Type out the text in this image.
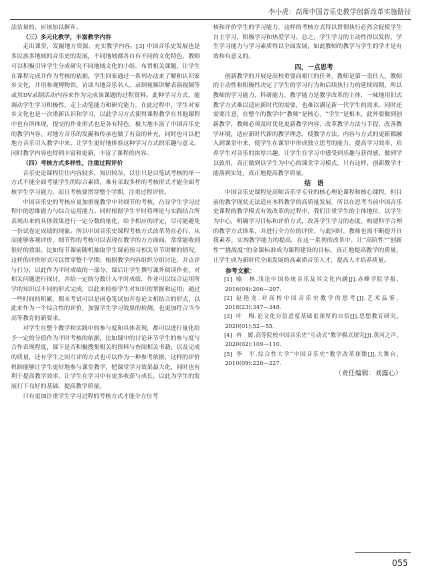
李小虎：高师中国音乐史教学创新改革实施路径

法估量的，应该加以摒弃。

（三）多元化教学，丰富教学内容

走出课堂，发掘地方资源，充实教学内容。[3] 中国音乐史发展也是多民族多地域的音乐史的发展，不同地域都各自有不同的文化特色，教师可以积极引导学生分成研究不同地域文化的小组，布置相关课题，让学生在课程完成并作为考核的依据，学生回家通过一系列办法来了解和认识家乡文化，并用参观博物馆、访谈当地音乐名人、录制视频讲解表演视频等或用DV录制活动内容来作为完成该课题的过程资料。此种学习方式，能调动学生学习积极性，走上动笔能力和研究能力，在此过程中，学生对家乡文化也是一次重新认识和学习，以此学习方式使得课程教学在其他课程中也有所体现，提交的作业形式也是各有特色，极大地丰富了中国音乐史的教学内容，对地方音乐的发掘和传承也做了有益的补充，同时也可以把地方音乐引入教学中来，让学生更好地体验这种学习方式的乐趣与意义，同时教学内容也得到丰富和更新，丰富了课程的内容。

（四）考核方式多样性，注重过程评价

音乐史论课程往往内容较多，知识较杂，以往只是以笔试考核的单一方式不能全面考量学生的综合素质，难有采取多样的考核形式才能全面考核学生学习能力，而且考核要贯穿整个学期，注重过程评价。

中国音乐史的考核应更加重视教学中对细节的考核，凸显学生学习过程中的思维能力与综合运用能力。同时根据学生平时将理论与实践结合所表现出来的具体效果进行一定分数的量化，给予相应的评定，尽可能避免一份试卷定成绩的现象。所以中国音乐史课程考核方式改革势在必行，从而能够客观评价，细节性的考核可以表现在教学的方方面面，常常能收到很好的效果。比如每节课前随机抽取学生课前预习相关章节讲解的情况，这样的评价形式可以贯穿整个学期；根据教学内容组织分组讨论，并点评与打分，以此作为平时成绩的一部分，课后让学生撰写课外阅读作业，对相关问题进行探讨，并给一定的分数计入平时成绩，作业可以综合运用所学的知识以不同的形式完成，以此来检验学生对知识的掌握和运用；通过一些时间的积累，期末考试可以是闭卷笔试加开卷论文相结合的形式，以此来作为一个综合性的评价，加强学生学习效果的检测，也更加符合当今高等教育的新要求。

对学生在整个教学和实践中的参与度和具体表现，都可以进行量化给予一定的分值作为平时考核的依据，比如课中的讨论环节学生的参与度与合作表现程度，课下是否积极搜集相关的资料与查阅相关书籍，以及完成的质量，还有学生之间互评的方式也可以作为一种参考依据，这样的评价机制能够让学生更好地参与课堂教学，把课堂学习效果最大化，同时也有利于提高教学效率，让学生在学习中有更多收获与成长，以此为学生的发展打下良好的基础，提高教学质量。

只有更加注重学生学习过程的考核方式才能全方位考

核和评价学生的学习能力，这样的考核方式得以贯彻执行必然会促使学生自主学习，积极学习和热爱学习。总之，学生学习的主动性得以发挥，学生学习能力与学习素质得以全面发展，如此教师的教学与学生的学才是有效和有意义的。

四、一点思考

创新教学的开展是高校重要而艰巨的任务，教师是第一责任人，教师的主动性和积极性决定了学生的学习行为和后续执行力的延续周期，所以教师的学习能力、科研能力、教学能力是教学改革的主体，一味地用旧式教学方式难以适应新时代的需要，也难以满足新一代学生的需求。同时还需要注意，在整个的教学中“教师”是核心，“学生”是根本，此外要做到创新教学，教师必须及时优化更新教学内容，改革教学方法与手段，改善教学环境，适应新时代新的教学理念，使教学方法、内容与方式的更新都融入到课堂中来，使学生在课堂中形成独立思考的能力，提高学习效率，培养学生对音乐的浓厚兴趣，让学生在学习中感受到乐趣与获得感，做到学以致用，真正做到以学生为中心的课堂学习模式，只有这样，创新教学才能落到实处，真正地提高教学质量。

结　语

中国音乐史课程是高师音乐学专业的核心理论课程和核心课程，但目前的教学现状无法适应本科教学的高质量发展，所以在思考当前中国音乐史课程的教学模式有效改革的过程中，我们注重学生的主体地位，以学生为中心，明确学习目标和评价方式，改善学生学习的态度，构建科学合理的教学方式体系，并进行全方位的评价。与此同时，教师也需不断提升自我素养，实现教学能力的提高，在这一系列的改革中，让“高阶性”“创新性”“挑战度”的金课标准成为课程建设的目标，真正地提高教学的质量，让学生成为新时代全面发展的高素质音乐人才，提高人才培养质量。

参考文献：

[1] 喻　林.浅论中国传统音乐及其文化内涵[J].赤峰学院学报，2016(04):206—207.

[2] 赵艳龙.对高校中国音乐史教学的思考[J].艺术品鉴，2018(23):347—348.

[3] 叶　梅.论文化自信意度基础更深厚的自信[J].思想教育研究，2020(01):52—55.

[4] 冉　媛.高等院校中国音乐史“互动式”教学模式探究[J].黄河之声，2020(02):109—110.

[5] 李　平.综合性大学“中国音乐史”教学改革探微[J].大舞台，2010(09):226—227.

（责任编辑：刘露心）

055
